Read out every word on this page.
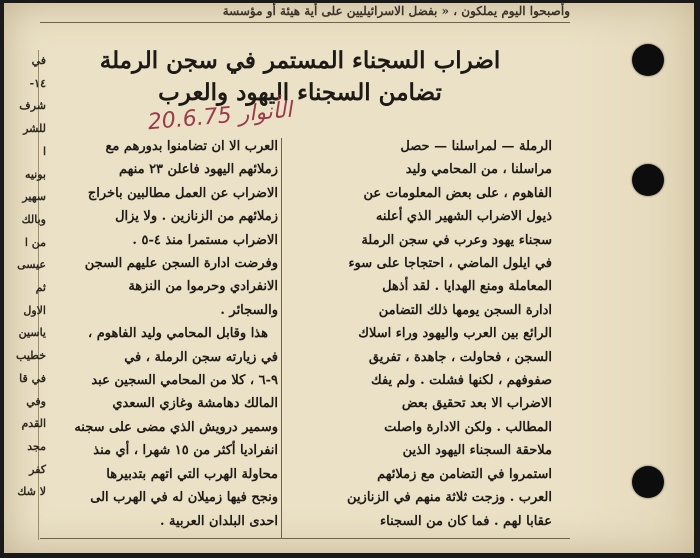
وأصبحوا اليوم يملكون ، « بفضل الاسرائيليين على أية هيئة أو مؤسسة
في
١٤-
شرف
للشر
ا
بونيه
سهير
وبالك
من ا
عيسى
ثم
الاول
ياسين
خطيب
في قا
وفي
القدم
مجد
كفر
لا شك
اضراب السجناء المستمر في سجن الرملة
تضامن السجناء اليهود والعرب
20.6.75 الأنوار
الرملة — لمراسلنا — حصل
مراسلنا ، من المحامي وليد
الفاهوم ، على بعض المعلومات عن
ذيول الاضراب الشهير الذي أعلنه
سجناء يهود وعرب في سجن الرملة
في ايلول الماضي ، احتجاجا على سوء
المعاملة ومنع الهدايا . لقد أذهل
ادارة السجن يومها ذلك التضامن
الرائع بين العرب واليهود وراء اسلاك
السجن ، فحاولت ، جاهدة ، تفريق
صفوفهم ، لكنها فشلت . ولم يفك
الاضراب الا بعد تحقيق بعض
المطالب . ولكن الادارة واصلت
ملاحقة السجناء اليهود الذين
استمروا في التضامن مع زملائهم
العرب . وزجت ثلاثة منهم في الزنازين
عقابا لهم . فما كان من السجناء
العرب الا ان تضامنوا بدورهم مع
زملائهم اليهود فاعلن ٢٣ منهم
الاضراب عن العمل مطالبين باخراج
زملائهم من الزنازين . ولا يزال
الاضراب مستمرا منذ ٤-٥ .
وفرضت ادارة السجن عليهم السجن
الانفرادي وحرموا من النزهة
والسجائر .
هذا وقابل المحامي وليد الفاهوم ،
في زيارته سجن الرملة ، في
٩-٦ ، كلا من المحامي السجين عبد
المالك دهامشة وغازي السعدي
وسمير درويش الذي مضى على سجنه
انفراديا أكثر من ١٥ شهرا ، أي منذ
محاولة الهرب التي اتهم بتدبيرها
ونجح فيها زميلان له في الهرب الى
احدى البلدان العربية .
